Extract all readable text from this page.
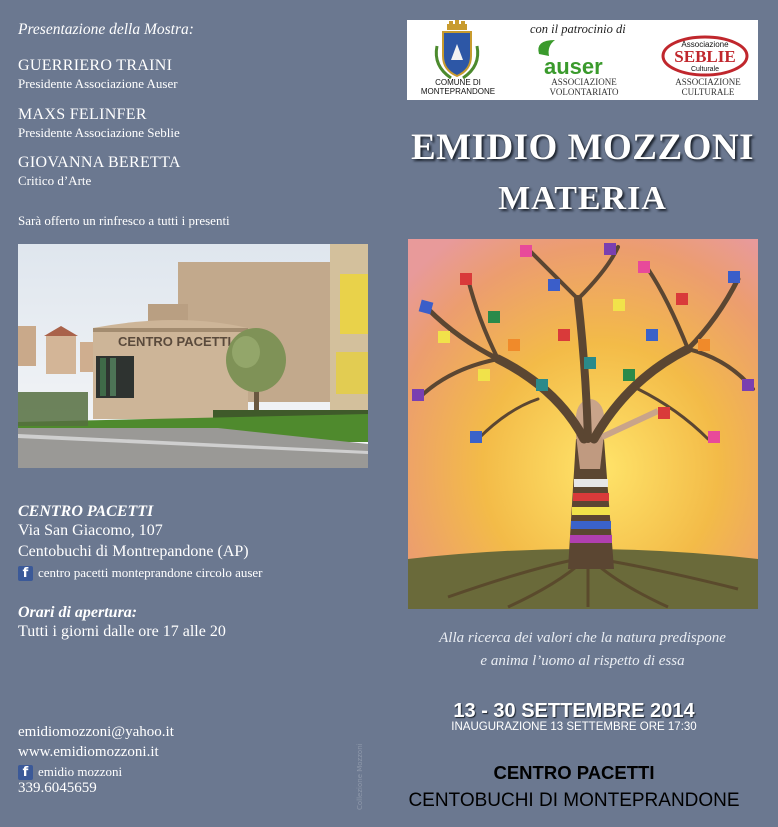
Presentazione della Mostra:
GUERRIERO TRAINI
Presidente Associazione Auser
MAXS FELINFER
Presidente Associazione Seblie
GIOVANNA BERETTA
Critico d’Arte
Sarà offerto un rinfresco a tutti i presenti
CENTRO PACETTI
CENTRO PACETTI
Via San Giacomo, 107
Centobuchi di Montrepandone (AP)
f centro pacetti monteprandone circolo auser
Orari di apertura:
Tutti i giorni dalle ore 17 alle 20
emidiomozzoni@yahoo.it
www.emidiomozzoni.it
f emidio mozzoni
339.6045659	Collezione Mozzoni
auser
Associazione
SEBLIE
Culturale
con il patrocinio di
COMUNE DI
MONTEPRANDONE
ASSOCIAZIONE
VOLONTARIATO
ASSOCIAZIONE
CULTURALE
EMIDIO MOZZONI
MATERIA
Alla ricerca dei valori che la natura predispone
e anima l’uomo al rispetto di essa
13 - 30 SETTEMBRE 2014
INAUGURAZIONE 13 SETTEMBRE ORE 17:30
CENTRO PACETTI
CENTOBUCHI DI MONTEPRANDONE
